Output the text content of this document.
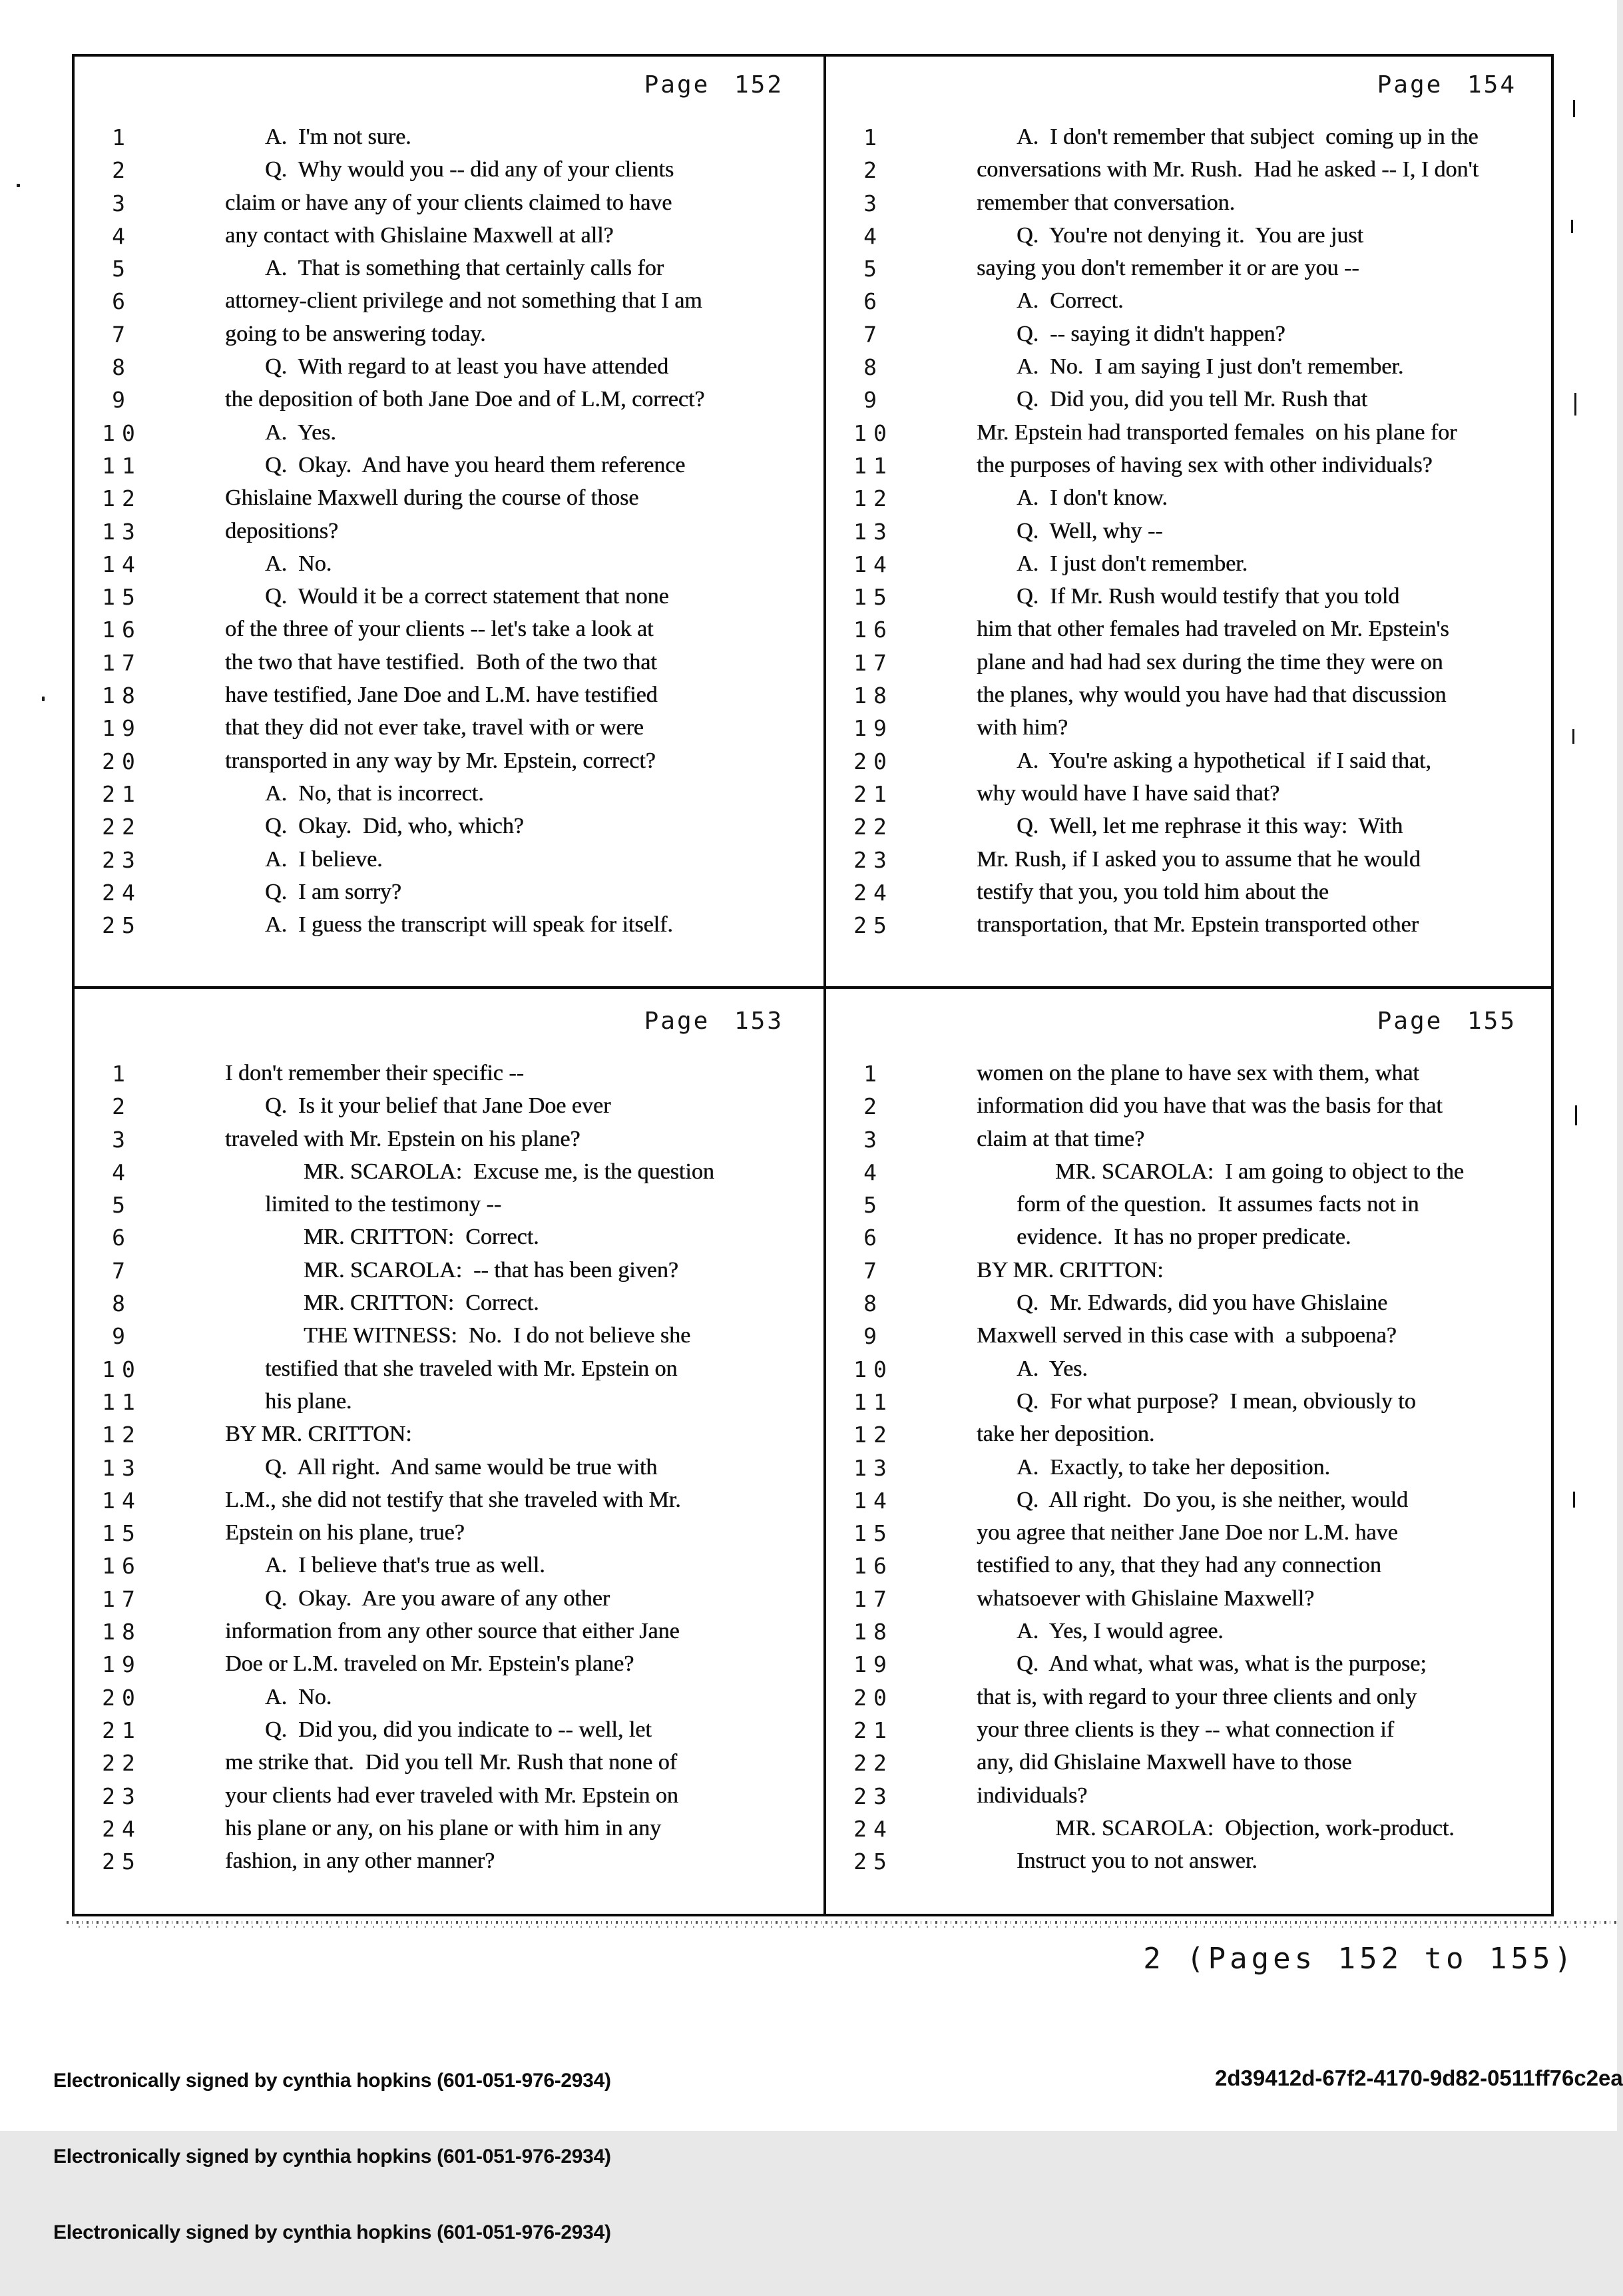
Page 152
1	A.  I'm not sure.
2	Q.  Why would you -- did any of your clients
3	claim or have any of your clients claimed to have
4	any contact with Ghislaine Maxwell at all?
5	A.  That is something that certainly calls for
6	attorney-client privilege and not something that I am
7	going to be answering today.
8	Q.  With regard to at least you have attended
9	the deposition of both Jane Doe and of L.M, correct?
10	A.  Yes.
11	Q.  Okay.  And have you heard them reference
12	Ghislaine Maxwell during the course of those
13	depositions?
14	A.  No.
15	Q.  Would it be a correct statement that none
16	of the three of your clients -- let's take a look at
17	the two that have testified.  Both of the two that
18	have testified, Jane Doe and L.M. have testified
19	that they did not ever take, travel with or were
20	transported in any way by Mr. Epstein, correct?
21	A.  No, that is incorrect.
22	Q.  Okay.  Did, who, which?
23	A.  I believe.
24	Q.  I am sorry?
25	A.  I guess the transcript will speak for itself.
Page 154
1	A.  I don't remember that subject  coming up in the
2	conversations with Mr. Rush.  Had he asked -- I, I don't
3	remember that conversation.
4	Q.  You're not denying it.  You are just
5	saying you don't remember it or are you --
6	A.  Correct.
7	Q.  -- saying it didn't happen?
8	A.  No.  I am saying I just don't remember.
9	Q.  Did you, did you tell Mr. Rush that
10	Mr. Epstein had transported females  on his plane for
11	the purposes of having sex with other individuals?
12	A.  I don't know.
13	Q.  Well, why --
14	A.  I just don't remember.
15	Q.  If Mr. Rush would testify that you told
16	him that other females had traveled on Mr. Epstein's
17	plane and had had sex during the time they were on
18	the planes, why would you have had that discussion
19	with him?
20	A.  You're asking a hypothetical  if I said that,
21	why would have I have said that?
22	Q.  Well, let me rephrase it this way:  With
23	Mr. Rush, if I asked you to assume that he would
24	testify that you, you told him about the
25	transportation, that Mr. Epstein transported other
Page 153
1	I don't remember their specific --
2	Q.  Is it your belief that Jane Doe ever
3	traveled with Mr. Epstein on his plane?
4	MR. SCAROLA:  Excuse me, is the question
5	limited to the testimony --
6	MR. CRITTON:  Correct.
7	MR. SCAROLA:  -- that has been given?
8	MR. CRITTON:  Correct.
9	THE WITNESS:  No.  I do not believe she
10	testified that she traveled with Mr. Epstein on
11	his plane.
12	BY MR. CRITTON:
13	Q.  All right.  And same would be true with
14	L.M., she did not testify that she traveled with Mr.
15	Epstein on his plane, true?
16	A.  I believe that's true as well.
17	Q.  Okay.  Are you aware of any other
18	information from any other source that either Jane
19	Doe or L.M. traveled on Mr. Epstein's plane?
20	A.  No.
21	Q.  Did you, did you indicate to -- well, let
22	me strike that.  Did you tell Mr. Rush that none of
23	your clients had ever traveled with Mr. Epstein on
24	his plane or any, on his plane or with him in any
25	fashion, in any other manner?
Page 155
1	women on the plane to have sex with them, what
2	information did you have that was the basis for that
3	claim at that time?
4	MR. SCAROLA:  I am going to object to the
5	form of the question.  It assumes facts not in
6	evidence.  It has no proper predicate.
7	BY MR. CRITTON:
8	Q.  Mr. Edwards, did you have Ghislaine
9	Maxwell served in this case with  a subpoena?
10	A.  Yes.
11	Q.  For what purpose?  I mean, obviously to
12	take her deposition.
13	A.  Exactly, to take her deposition.
14	Q.  All right.  Do you, is she neither, would
15	you agree that neither Jane Doe nor L.M. have
16	testified to any, that they had any connection
17	whatsoever with Ghislaine Maxwell?
18	A.  Yes, I would agree.
19	Q.  And what, what was, what is the purpose;
20	that is, with regard to your three clients and only
21	your three clients is they -- what connection if
22	any, did Ghislaine Maxwell have to those
23	individuals?
24	MR. SCAROLA:  Objection, work-product.
25	Instruct you to not answer.
2 (Pages 152 to 155)

Electronically signed by cynthia hopkins (601-051-976-2934)

Electronically signed by cynthia hopkins (601-051-976-2934)

Electronically signed by cynthia hopkins (601-051-976-2934)

2d39412d-67f2-4170-9d82-0511ff76c2ea
